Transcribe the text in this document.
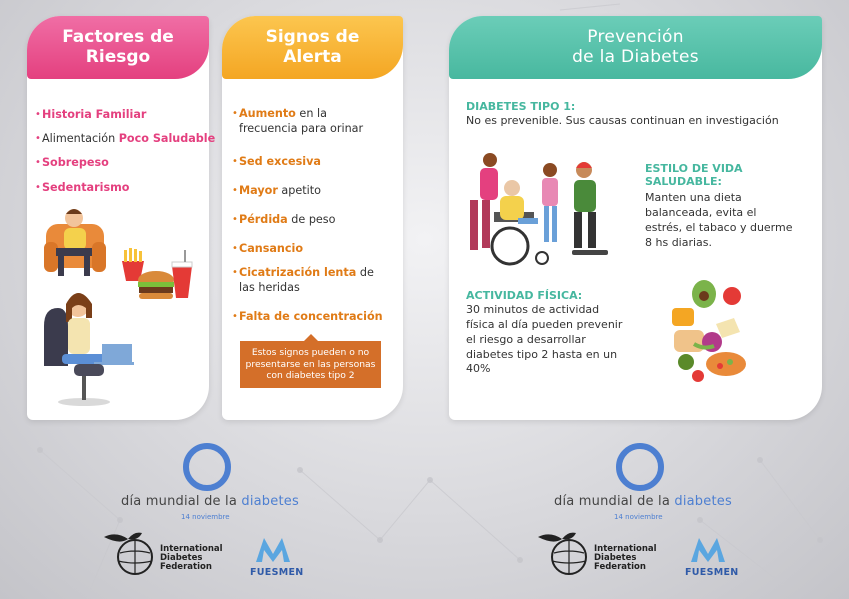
Factores de
Riesgo
• Historia Familiar
• Alimentación Poco Saludable
• Sobrepeso
• Sedentarismo
Signos de
Alerta
• Aumento en la frecuencia para orinar
• Sed excesiva
• Mayor apetito
• Pérdida de peso
• Cansancio
• Cicatrización lenta de las heridas
• Falta de concentración
Estos signos pueden o no presentarse en las personas con diabetes tipo 2
Prevención
de la Diabetes
DIABETES TIPO 1:
No es prevenible. Sus causas continuan en investigación
ESTILO DE VIDA
SALUDABLE:
Manten una dieta balanceada, evita el estrés, el tabaco y duerme 8 hs diarias.
ACTIVIDAD FÍSICA:
30 minutos de actividad física al día pueden prevenir el riesgo a desarrollar diabetes tipo 2 hasta en un 40%
día mundial de la diabetes
14 noviembre
International
Diabetes
Federation
FUESMEN
día mundial de la diabetes
14 noviembre
International
Diabetes
Federation
FUESMEN
